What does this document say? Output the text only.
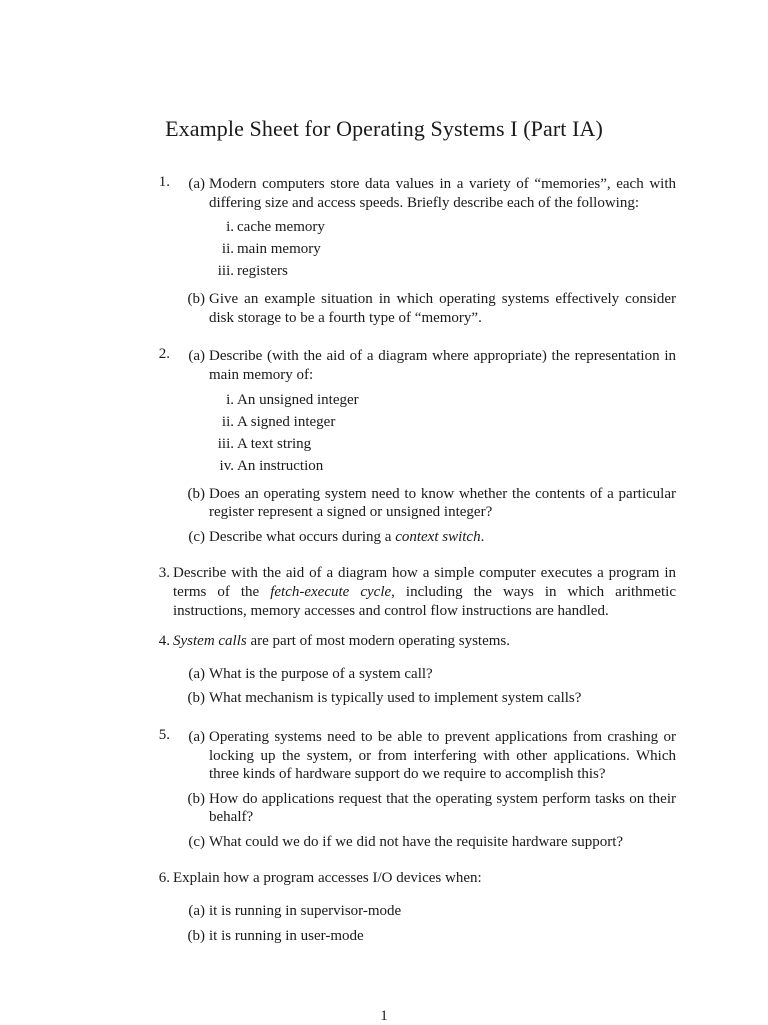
Example Sheet for Operating Systems I (Part IA)
1.	(a) Modern computers store data values in a variety of “memories”, each with differing size and access speeds. Briefly describe each of the following:
i. cache memory
ii. main memory
iii. registers
(b) Give an example situation in which operating systems effectively consider disk storage to be a fourth type of “memory”.
2.	(a) Describe (with the aid of a diagram where appropriate) the representation in main memory of:
i. An unsigned integer
ii. A signed integer
iii. A text string
iv. An instruction
(b) Does an operating system need to know whether the contents of a particular register represent a signed or unsigned integer?
(c) Describe what occurs during a context switch.
3. Describe with the aid of a diagram how a simple computer executes a program in terms of the fetch-execute cycle, including the ways in which arithmetic instructions, memory accesses and control flow instructions are handled.
4. System calls are part of most modern operating systems.
(a) What is the purpose of a system call?
(b) What mechanism is typically used to implement system calls?
5.	(a) Operating systems need to be able to prevent applications from crashing or locking up the system, or from interfering with other applications. Which three kinds of hardware support do we require to accomplish this?
(b) How do applications request that the operating system perform tasks on their behalf?
(c) What could we do if we did not have the requisite hardware support?
6. Explain how a program accesses I/O devices when:
(a) it is running in supervisor-mode
(b) it is running in user-mode
1
